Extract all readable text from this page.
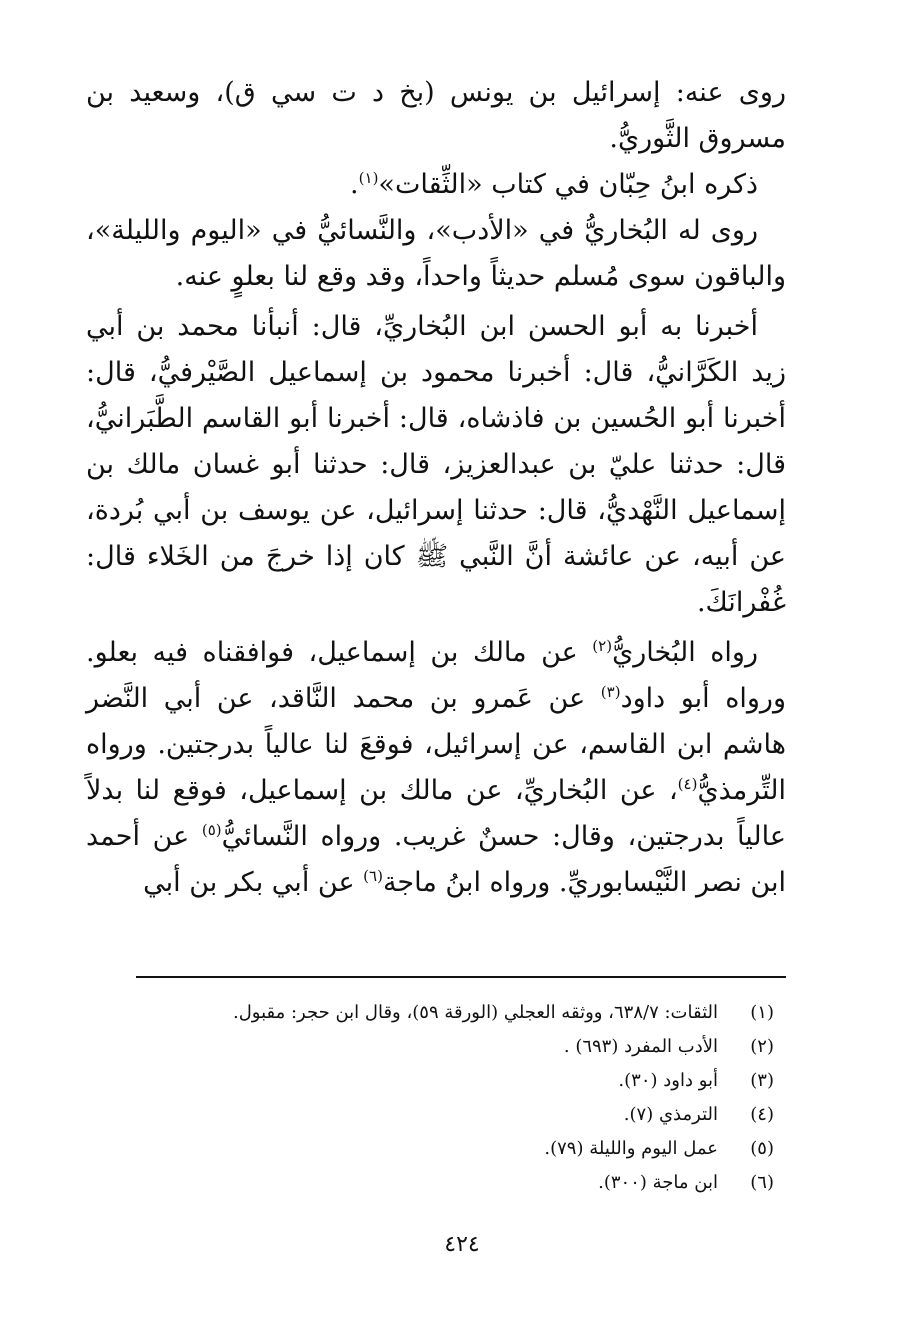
روى عنه: إسرائيل بن يونس (بخ د ت سي ق)، وسعيد بن مسروق الثَّوريُّ.

ذكره ابنُ حِبّان في كتاب «الثِّقات»$^{(١)}$.

روى له البُخاريُّ في «الأدب»، والنَّسائيُّ في «اليوم والليلة»، والباقون سوى مُسلم حديثاً واحداً، وقد وقع لنا بعلوٍ عنه.

أخبرنا به أبو الحسن ابن البُخاريِّ، قال: أنبأنا محمد بن أبي زيد الكَرَّانيُّ، قال: أخبرنا محمود بن إسماعيل الصَّيْرفيُّ، قال: أخبرنا أبو الحُسين بن فاذشاه، قال: أخبرنا أبو القاسم الطَّبَرانيُّ، قال: حدثنا عليّ بن عبدالعزيز، قال: حدثنا أبو غسان مالك بن إسماعيل النَّهْديُّ، قال: حدثنا إسرائيل، عن يوسف بن أبي بُردة، عن أبيه، عن عائشة أنَّ النَّبي ﷺ كان إذا خرجَ من الخَلاء قال: غُفْرانَكَ.

رواه البُخاريُّ$^{(٢)}$ عن مالك بن إسماعيل، فوافقناه فيه بعلو. ورواه أبو داود$^{(٣)}$ عن عَمرو بن محمد النَّاقد، عن أبي النَّضر هاشم ابن القاسم، عن إسرائيل، فوقعَ لنا عالياً بدرجتين. ورواه التِّرمذيُّ$^{(٤)}$، عن البُخاريِّ، عن مالك بن إسماعيل، فوقع لنا بدلاً عالياً بدرجتين، وقال: حسنٌ غريب. ورواه النَّسائيُّ$^{(٥)}$ عن أحمد ابن نصر النَّيْسابوريِّ. ورواه ابنُ ماجة$^{(٦)}$ عن أبي بكر بن أبي

(١)
الثقات: ٦٣٨/٧، ووثقه العجلي (الورقة ٥٩)، وقال ابن حجر: مقبول.

(٢)
الأدب المفرد (٦٩٣) .

(٣)
أبو داود (٣٠).

(٤)
الترمذي (٧).

(٥)
عمل اليوم والليلة (٧٩).

(٦)
ابن ماجة (٣٠٠).

٤٢٤
